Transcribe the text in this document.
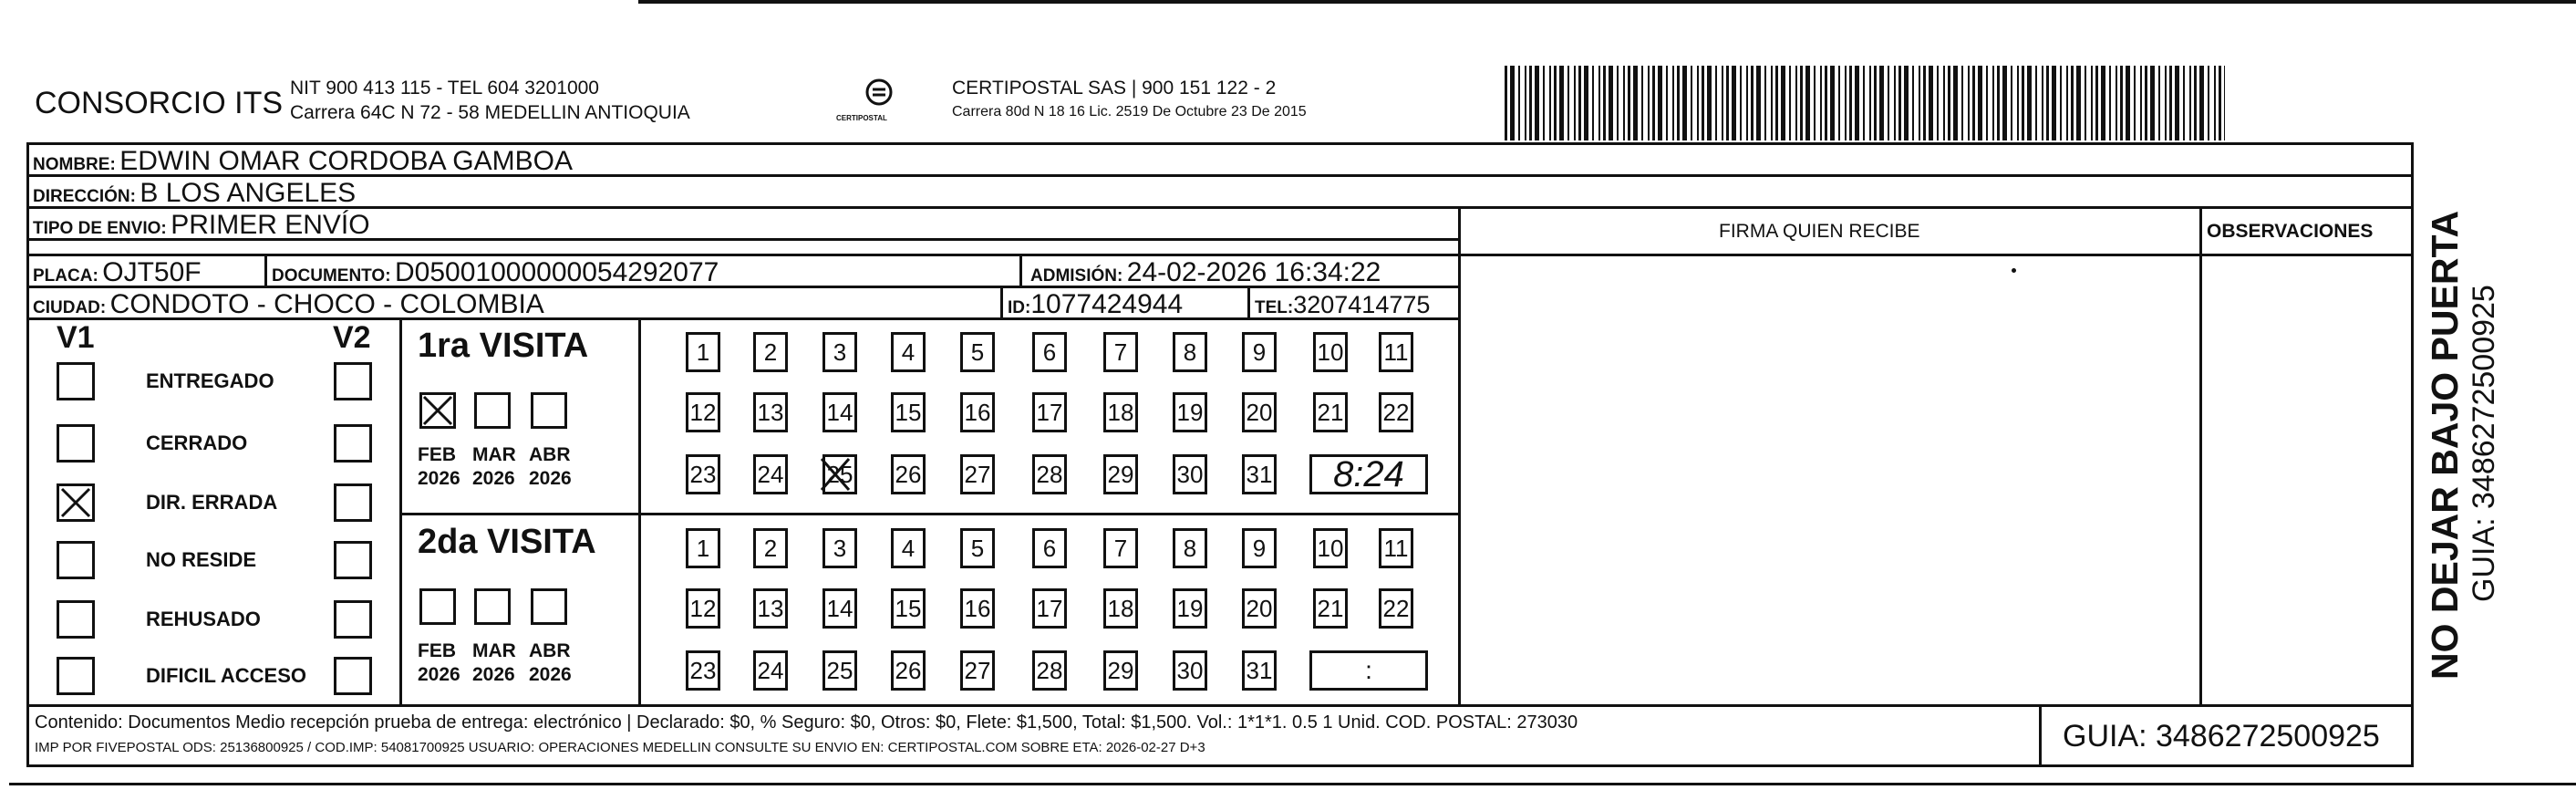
CONSORCIO ITS NIT 900 413 115 - TEL 604 3201000
Carrera 64C N 72 - 58 MEDELLIN ANTIOQUIA	CERTIPOSTAL
CERTIPOSTAL SAS | 900 151 122 - 2
Carrera 80d N 18 16 Lic. 2519 De Octubre 23 De 2015
NOMBRE: EDWIN OMAR CORDOBA GAMBOA
DIRECCIÓN: B LOS ANGELES
TIPO DE ENVIO: PRIMER ENVÍO	FIRMA QUIEN RECIBE	OBSERVACIONES
PLACA: OJT50F	DOCUMENTO: D05001000000054292077	ADMISIÓN: 24-02-2026 16:34:22
CIUDAD: CONDOTO - CHOCO - COLOMBIA	ID:1077424944	TEL:3207414775
V1	V2
ENTREGADO
CERRADO
DIR. ERRADA
NO RESIDE
REHUSADO
DIFICIL ACCESO
1ra VISITA
FEB
2026
MAR
2026
ABR
2026
1	2	3	4	5	6	7	8	9	10 11
12 13 14 15 16 17 18 19 20 21 22
23 24 25 26 27 28 29 30 31	8:24
2da VISITA
FEB
2026
MAR
2026
ABR
2026
1	2	3	4	5	6	7	8	9	10 11
12 13 14 15 16 17 18 19 20 21 22
23 24 25 26 27 28 29 30 31	:
Contenido: Documentos Medio recepción prueba de entrega: electrónico | Declarado: $0, % Seguro: $0, Otros: $0, Flete: $1,500, Total: $1,500. Vol.: 1*1*1. 0.5 1 Unid. COD. POSTAL: 273030
IMP POR FIVEPOSTAL ODS: 25136800925 / COD.IMP: 54081700925 USUARIO: OPERACIONES MEDELLIN CONSULTE SU ENVIO EN: CERTIPOSTAL.COM SOBRE ETA: 2026-02-27 D+3	GUIA: 3486272500925
NO DEJAR BAJO PUERTA GUIA: 3486272500925
